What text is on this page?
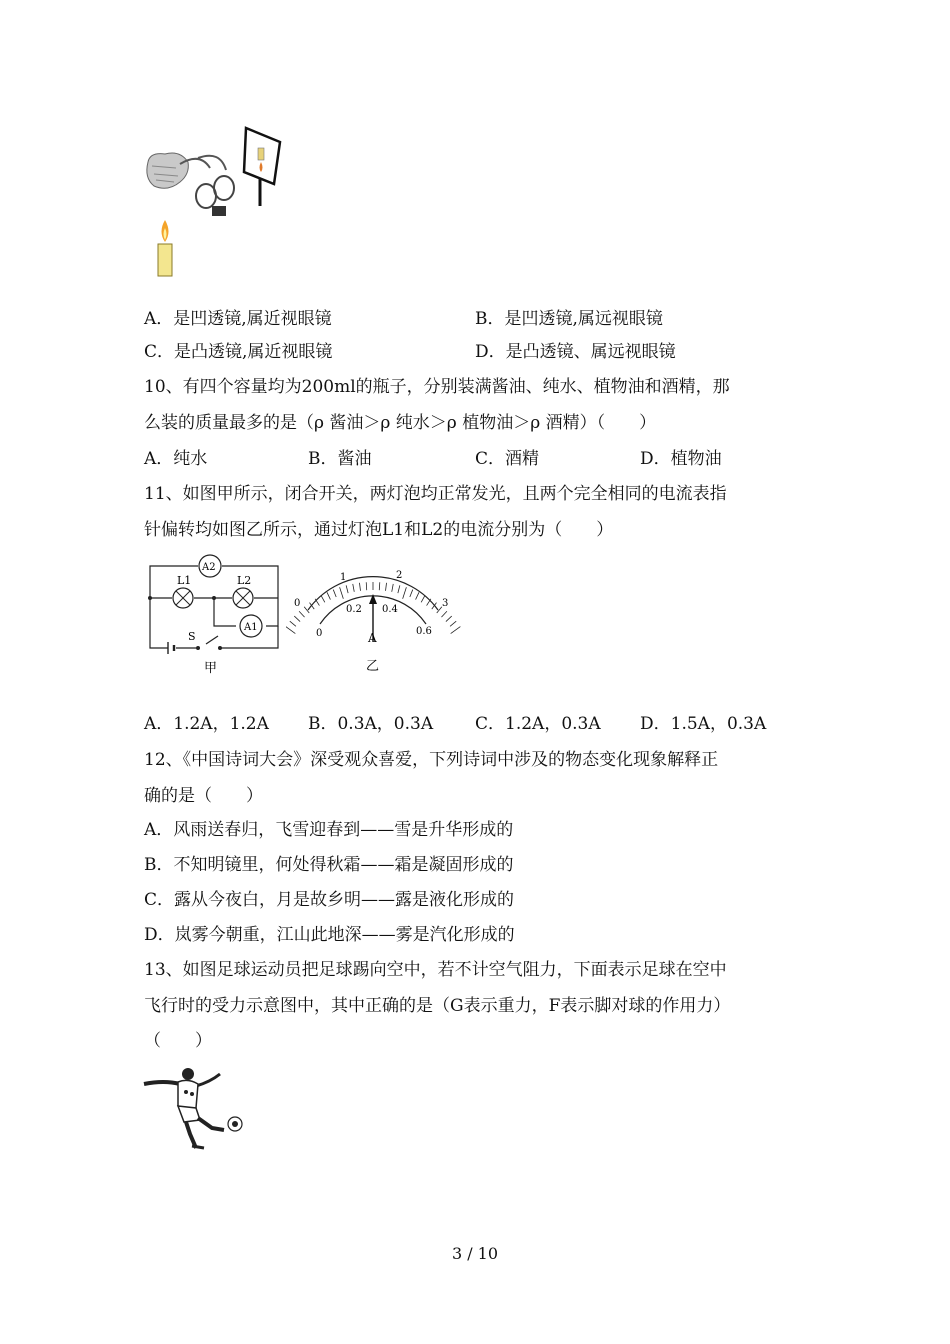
A．是凹透镜,属近视眼镜	B．是凹透镜,属远视眼镜
C．是凸透镜,属近视眼镜	D．是凸透镜、属远视眼镜
10、有四个容量均为200ml的瓶子，分别装满酱油、纯水、植物油和酒精，那
么装的质量最多的是（ρ 酱油＞ρ 纯水＞ρ 植物油＞ρ 酒精）（　　）
A．纯水	B．酱油	C．酒精	D．植物油
11、如图甲所示，闭合开关，两灯泡均正常发光，且两个完全相同的电流表指
针偏转均如图乙所示，通过灯泡L1和L2的电流分别为（　　）
L1	L2
A2
A1
S
甲
0
1	2
3
0
0.2 0.4
0.6
A
乙
A．1.2A，1.2A B．0.3A，0.3A C．1.2A，0.3A D．1.5A，0.3A
12、《中国诗词大会》深受观众喜爱，下列诗词中涉及的物态变化现象解释正
确的是（　　）
A．风雨送春归，飞雪迎春到——雪是升华形成的
B．不知明镜里，何处得秋霜——霜是凝固形成的
C．露从今夜白，月是故乡明——露是液化形成的
D．岚雾今朝重，江山此地深——雾是汽化形成的
13、如图足球运动员把足球踢向空中，若不计空气阻力，下面表示足球在空中
飞行时的受力示意图中，其中正确的是（G表示重力，F表示脚对球的作用力）
（　　）
3 / 10
